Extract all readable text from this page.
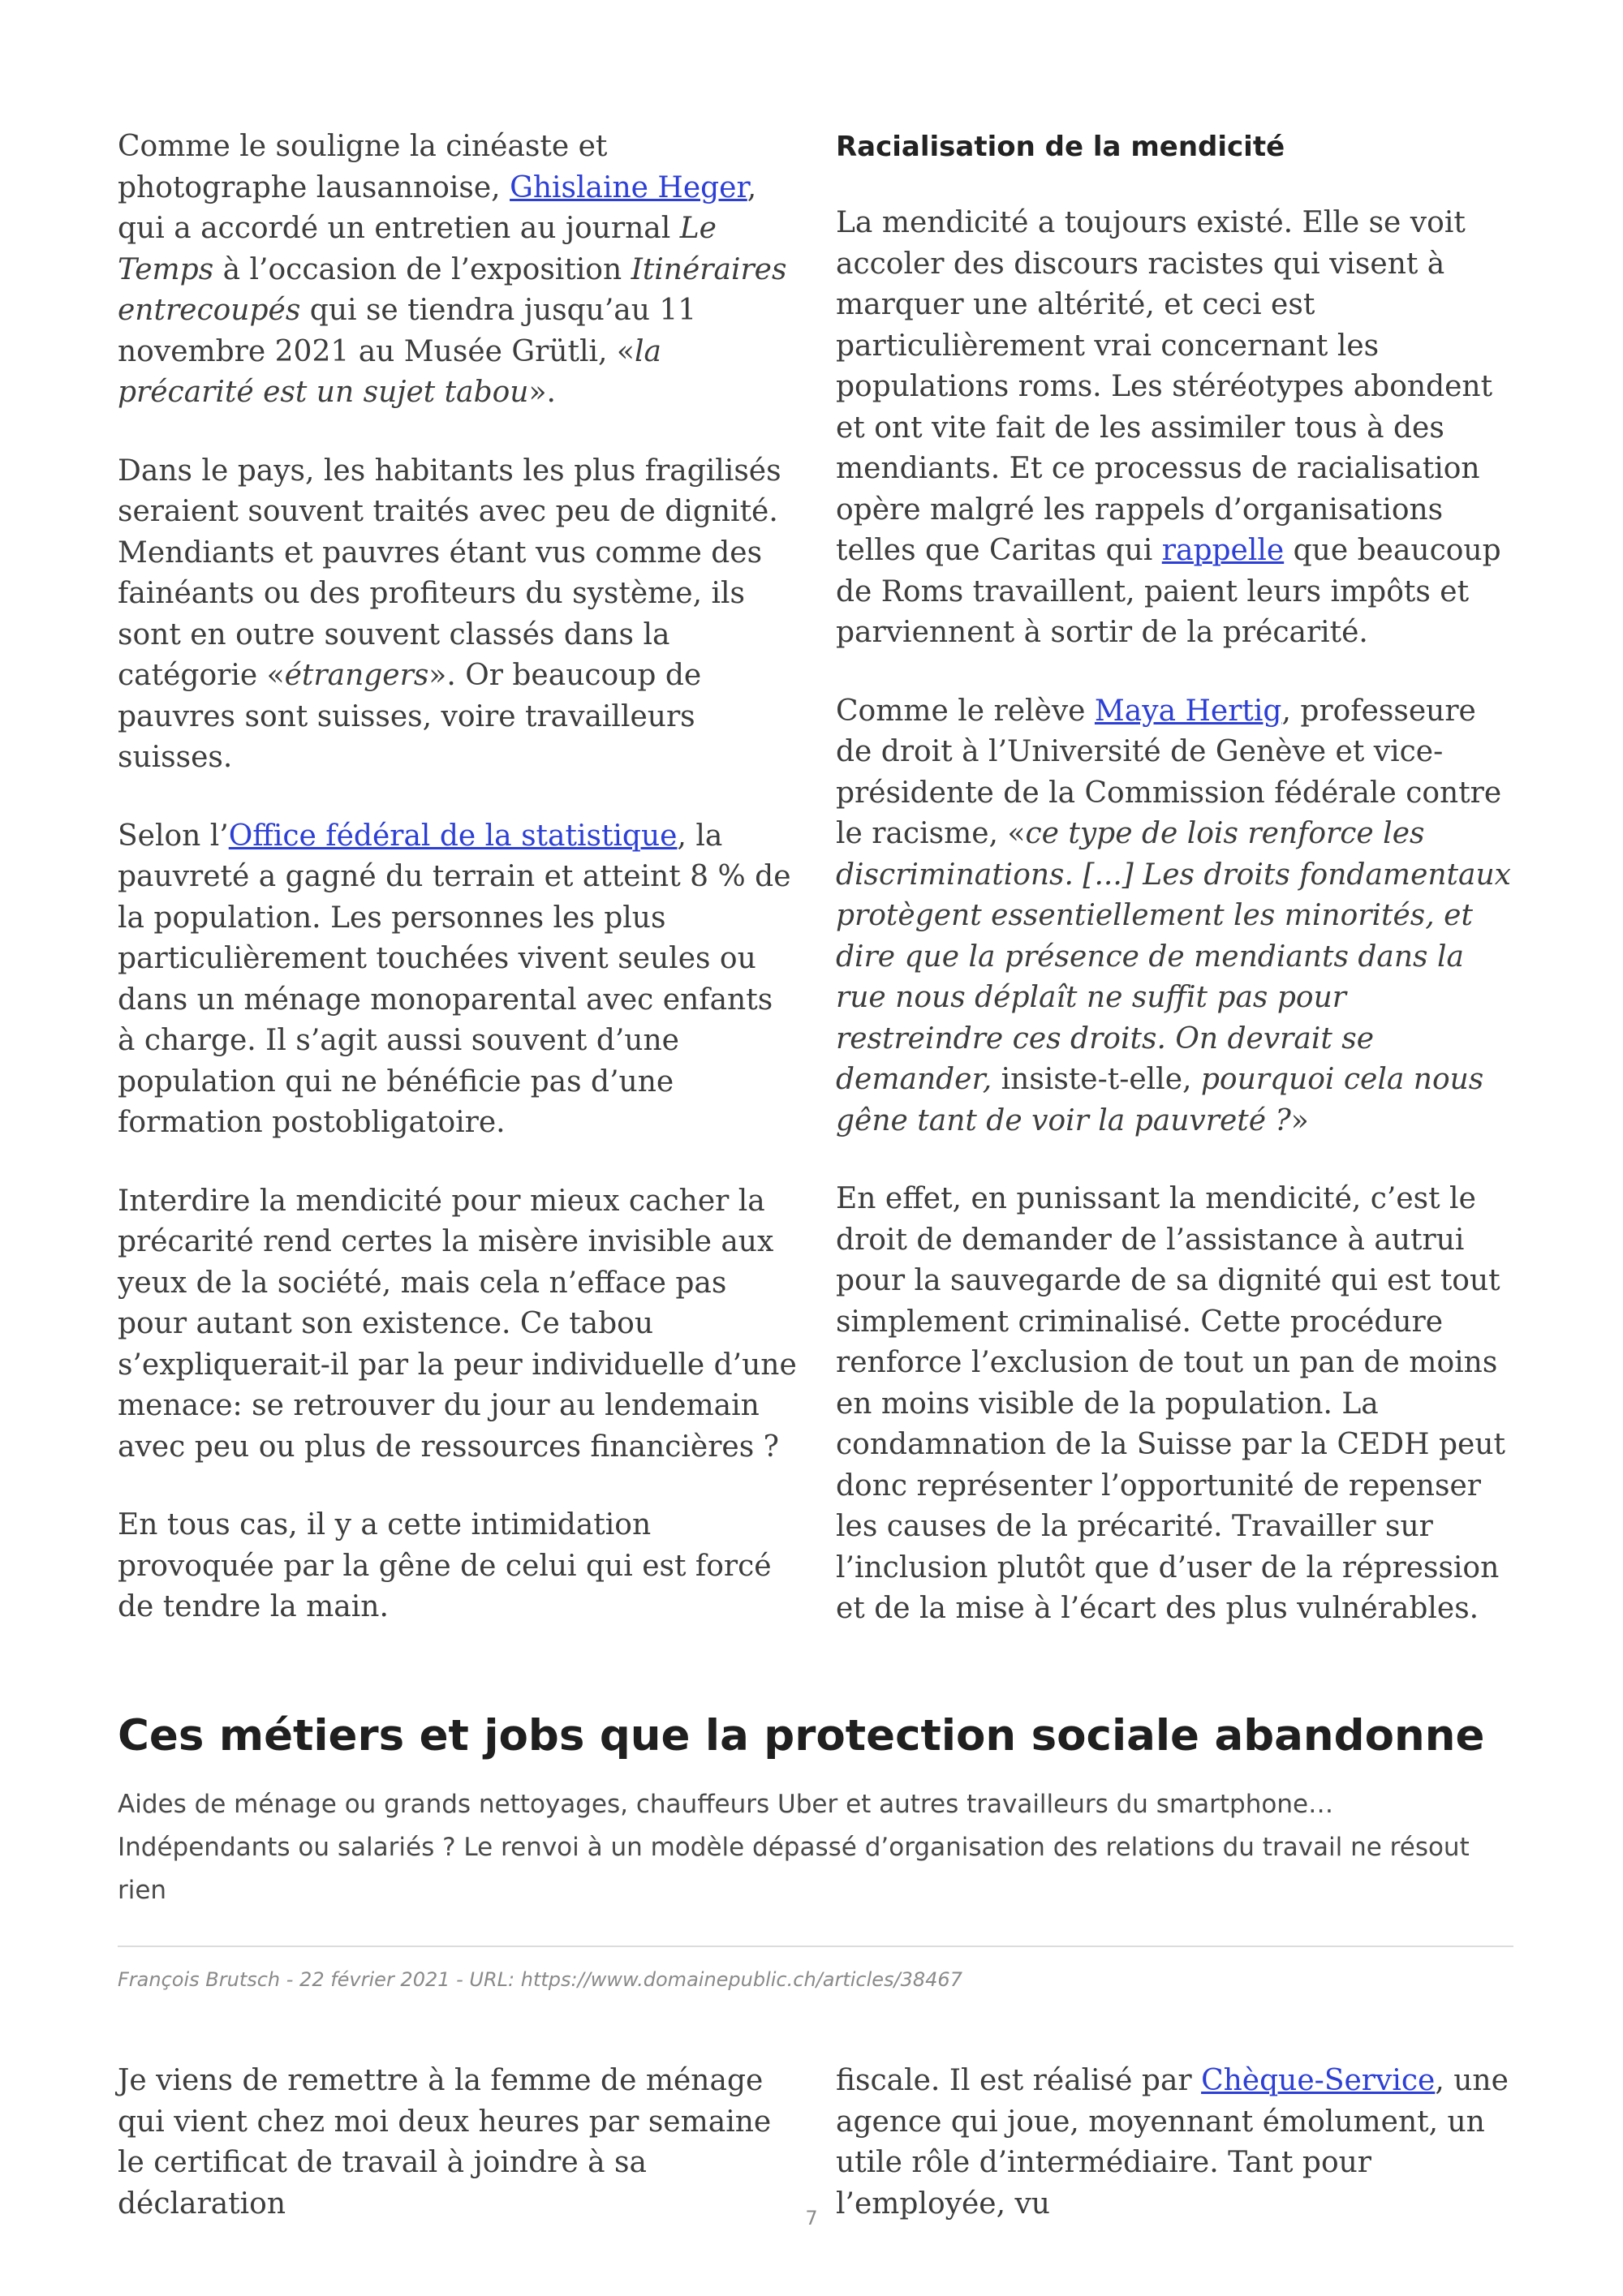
Comme le souligne la cinéaste et photographe lausannoise, Ghislaine Heger, qui a accordé un entretien au journal Le Temps à l’occasion de l’exposition Itinéraires entrecoupés qui se tiendra jusqu’au 11 novembre 2021 au Musée Grütli, «la précarité est un sujet tabou».

Dans le pays, les habitants les plus fragilisés seraient souvent traités avec peu de dignité. Mendiants et pauvres étant vus comme des fainéants ou des profiteurs du système, ils sont en outre souvent classés dans la catégorie «étrangers». Or beaucoup de pauvres sont suisses, voire travailleurs suisses.

Selon l’Office fédéral de la statistique, la pauvreté a gagné du terrain et atteint 8 % de la population. Les personnes les plus particulièrement touchées vivent seules ou dans un ménage monoparental avec enfants à charge. Il s’agit aussi souvent d’une population qui ne bénéficie pas d’une formation postobligatoire.

Interdire la mendicité pour mieux cacher la précarité rend certes la misère invisible aux yeux de la société, mais cela n’efface pas pour autant son existence. Ce tabou s’expliquerait-il par la peur individuelle d’une menace: se retrouver du jour au lendemain avec peu ou plus de ressources financières ?

En tous cas, il y a cette intimidation provoquée par la gêne de celui qui est forcé de tendre la main.

Racialisation de la mendicité

La mendicité a toujours existé. Elle se voit accoler des discours racistes qui visent à marquer une altérité, et ceci est particulièrement vrai concernant les populations roms. Les stéréotypes abondent et ont vite fait de les assimiler tous à des mendiants. Et ce processus de racialisation opère malgré les rappels d’organisations telles que Caritas qui rappelle que beaucoup de Roms travaillent, paient leurs impôts et parviennent à sortir de la précarité.

Comme le relève Maya Hertig, professeure de droit à l’Université de Genève et vice-présidente de la Commission fédérale contre le racisme, «ce type de lois renforce les discriminations. [...] Les droits fondamentaux protègent essentiellement les minorités, et dire que la présence de mendiants dans la rue nous déplaît ne suffit pas pour restreindre ces droits. On devrait se demander, insiste-t-elle, pourquoi cela nous gêne tant de voir la pauvreté ?»

En effet, en punissant la mendicité, c’est le droit de demander de l’assistance à autrui pour la sauvegarde de sa dignité qui est tout simplement criminalisé. Cette procédure renforce l’exclusion de tout un pan de moins en moins visible de la population. La condamnation de la Suisse par la CEDH peut donc représenter l’opportunité de repenser les causes de la précarité. Travailler sur l’inclusion plutôt que d’user de la répression et de la mise à l’écart des plus vulnérables.

Ces métiers et jobs que la protection sociale abandonne

Aides de ménage ou grands nettoyages, chauffeurs Uber et autres travailleurs du smartphone… Indépendants ou salariés ? Le renvoi à un modèle dépassé d’organisation des relations du travail ne résout rien

François Brutsch - 22 février 2021 - URL: https://www.domainepublic.ch/articles/38467

Je viens de remettre à la femme de ménage qui vient chez moi deux heures par semaine le certificat de travail à joindre à sa déclaration

fiscale. Il est réalisé par Chèque-Service, une agence qui joue, moyennant émolument, un utile rôle d’intermédiaire. Tant pour l’employée, vu

7
